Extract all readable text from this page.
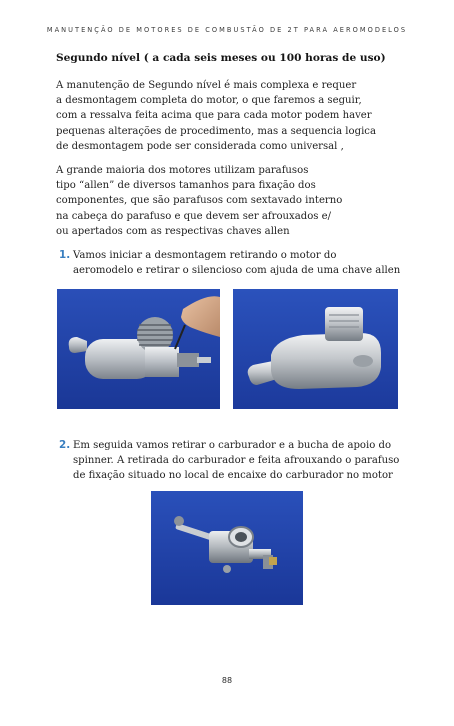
MANUTENÇÃO DE MOTORES DE COMBUSTÃO DE 2T PARA AEROMODELOS
Segundo nível ( a cada seis meses ou 100 horas de uso)
A manutenção de Segundo nível é mais complexa e requer
a desmontagem completa do motor, o que faremos a seguir,
com a ressalva feita acima que para cada motor podem haver
pequenas alterações de procedimento, mas a sequencia logica
de desmontagem pode ser considerada como universal ,
A grande maioria dos motores utilizam parafusos
tipo “allen” de diversos tamanhos para fixação dos
componentes, que são parafusos com sextavado interno
na cabeça do parafuso e que devem ser afrouxados e/
ou apertados com as respectivas chaves allen
1. Vamos iniciar a desmontagem retirando o motor do
aeromodelo e retirar o silencioso com ajuda de uma chave allen
2. Em seguida vamos retirar o carburador e a bucha de apoio do
spinner. A retirada do carburador e feita afrouxando o parafuso
de fixação situado no local de encaixe do carburador no motor
88
